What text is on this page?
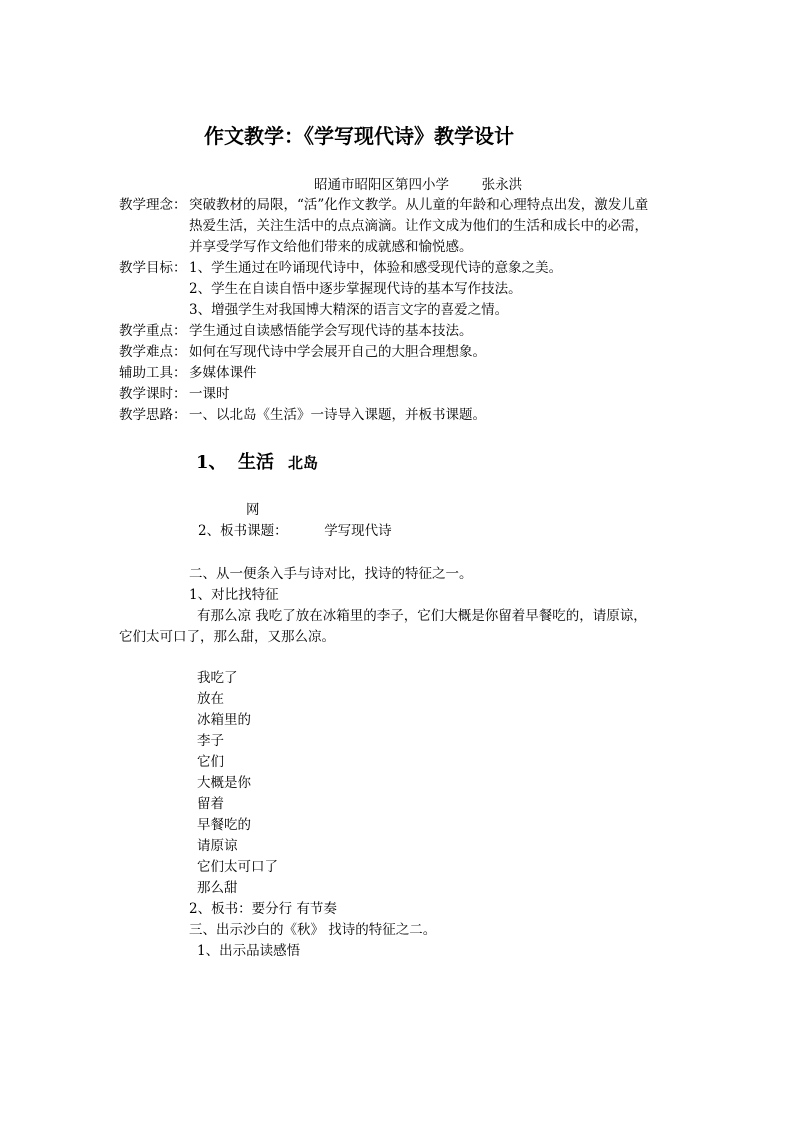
作文教学：《学写现代诗》教学设计
昭通市昭阳区第四小学 张永洪
教学理念： 突破教材的局限，“活”化作文教学。从儿童的年龄和心理特点出发，激发儿童
热爱生活，关注生活中的点点滴滴。让作文成为他们的生活和成长中的必需，
并享受学写作文给他们带来的成就感和愉悦感。
教学目标： 1、学生通过在吟诵现代诗中，体验和感受现代诗的意象之美。
2、学生在自读自悟中逐步掌握现代诗的基本写作技法。
3、增强学生对我国博大精深的语言文字的喜爱之情。
教学重点： 学生通过自读感悟能学会写现代诗的基本技法。
教学难点： 如何在写现代诗中学会展开自己的大胆合理想象。
辅助工具： 多媒体课件
教学课时： 一课时
教学思路： 一、以北岛《生活》一诗导入课题，并板书课题。
1、 生活 北岛
网
2、板书课题：	学写现代诗
二、从一便条入手与诗对比，找诗的特征之一。
1、对比找特征
有那么凉 我吃了放在冰箱里的李子，它们大概是你留着早餐吃的，请原谅，
它们太可口了，那么甜，又那么凉。
我吃了
放在
冰箱里的
李子
它们
大概是你
留着
早餐吃的
请原谅
它们太可口了
那么甜
2、板书：要分行 有节奏
三、出示沙白的《秋》 找诗的特征之二。
1、出示品读感悟
